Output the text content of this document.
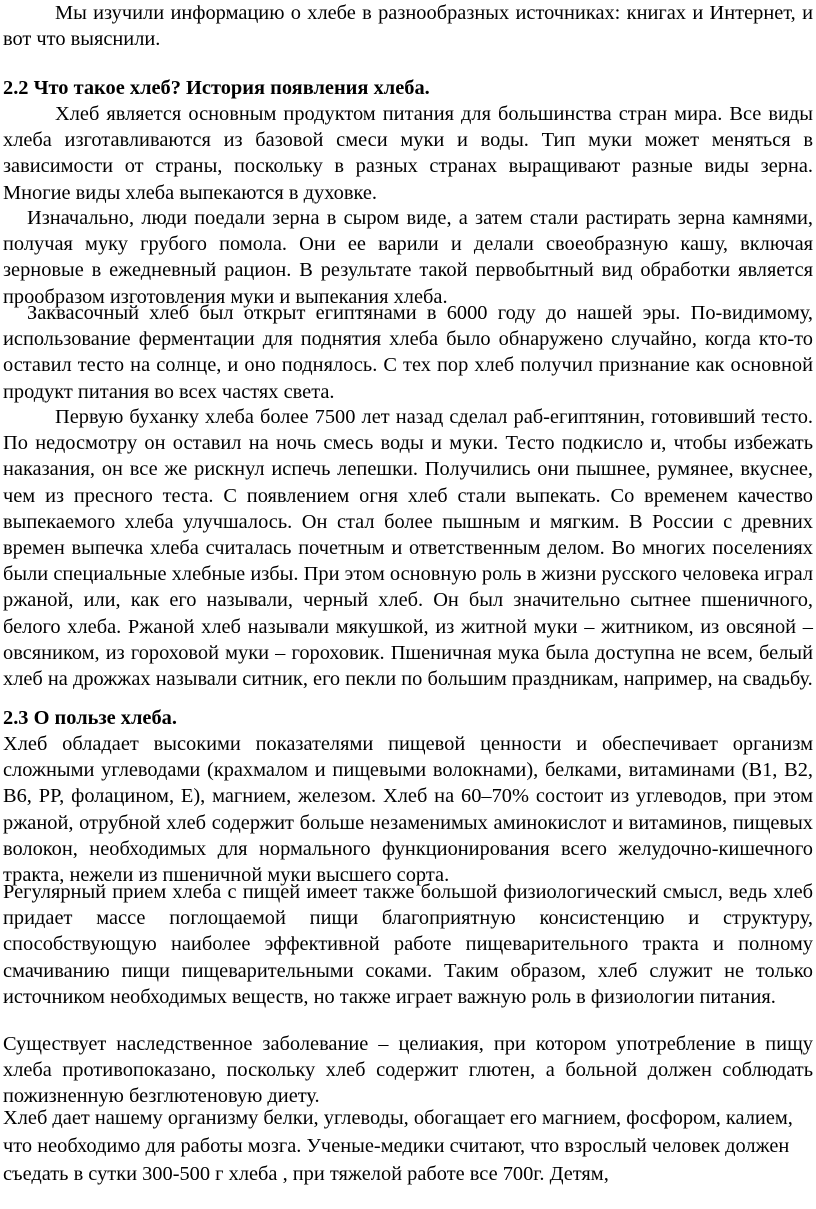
Мы изучили информацию о хлебе в разнообразных источниках: книгах и Интернет, и вот что выяснили.

2.2 Что такое хлеб? История появления хлеба.

Хлеб является основным продуктом питания для большинства стран мира. Все виды хлеба изготавливаются из базовой смеси муки и воды. Тип муки может меняться в зависимости от страны, поскольку в разных странах выращивают разные виды зерна. Многие виды хлеба выпекаются в духовке.

Изначально, люди поедали зерна в сыром виде, а затем стали растирать зерна камнями, получая муку грубого помола. Они ее варили и делали своеобразную кашу, включая зерновые в ежедневный рацион. В результате такой первобытный вид обработки является прообразом изготовления муки и выпекания хлеба.

Заквасочный хлеб был открыт египтянами в 6000 году до нашей эры. По-видимому, использование ферментации для поднятия хлеба было обнаружено случайно, когда кто-то оставил тесто на солнце, и оно поднялось. С тех пор хлеб получил признание как основной продукт питания во всех частях света.

Первую буханку хлеба более 7500 лет назад сделал раб-египтянин, готовивший тесто. По недосмотру он оставил на ночь смесь воды и муки. Тесто подкисло и, чтобы избежать наказания, он все же рискнул испечь лепешки. Получились они пышнее, румянее, вкуснее, чем из пресного теста. С появлением огня хлеб стали выпекать. Со временем качество выпекаемого хлеба улучшалось. Он стал более пышным и мягким. В России с древних времен выпечка хлеба считалась почетным и ответственным делом. Во многих поселениях были специальные хлебные избы. При этом основную роль в жизни русского человека играл ржаной, или, как его называли, черный хлеб. Он был значительно сытнее пшеничного, белого хлеба. Ржаной хлеб называли мякушкой, из житной муки – житником, из овсяной – овсяником, из гороховой муки – гороховик. Пшеничная мука была доступна не всем, белый хлеб на дрожжах называли ситник, его пекли по большим праздникам, например, на свадьбу.

2.3 О пользе хлеба.

Хлеб обладает высокими показателями пищевой ценности и обеспечивает организм сложными углеводами (крахмалом и пищевыми волокнами), белками, витаминами (B1, B2, B6, PP, фолацином, E), магнием, железом. Хлеб на 60–70% состоит из углеводов, при этом ржаной, отрубной хлеб содержит больше незаменимых аминокислот и витаминов, пищевых волокон, необходимых для нормального функционирования всего желудочно-кишечного тракта, нежели из пшеничной муки высшего сорта.

Регулярный прием хлеба с пищей имеет также большой физиологический смысл, ведь хлеб придает массе поглощаемой пищи благоприятную консистенцию и структуру, способствующую наиболее эффективной работе пищеварительного тракта и полному смачиванию пищи пищеварительными соками. Таким образом, хлеб служит не только источником необходимых веществ, но также играет важную роль в физиологии питания.

Существует наследственное заболевание – целиакия, при котором употребление в пищу хлеба противопоказано, поскольку хлеб содержит глютен, а больной должен соблюдать пожизненную безглютеновую диету.

Хлеб дает нашему организму белки, углеводы, обогащает его магнием, фосфором, калием, что необходимо для работы мозга. Ученые-медики считают, что взрослый человек должен съедать в сутки 300-500 г хлеба , при тяжелой работе все 700г. Детям,
